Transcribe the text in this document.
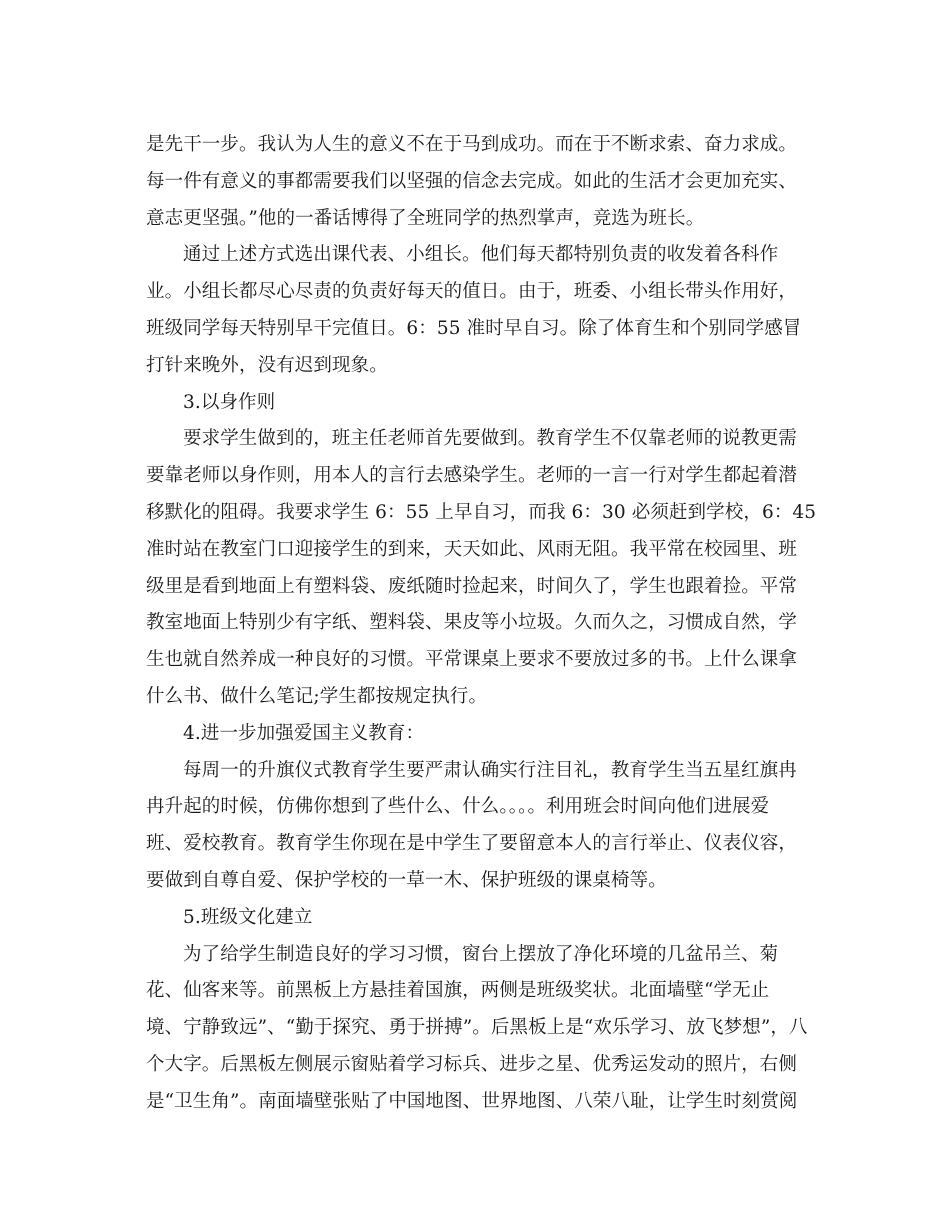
是先干一步。我认为人生的意义不在于马到成功。而在于不断求索、奋力求成。
每一件有意义的事都需要我们以坚强的信念去完成。如此的生活才会更加充实、
意志更坚强。”他的一番话博得了全班同学的热烈掌声，竞选为班长。
通过上述方式选出课代表、小组长。他们每天都特别负责的收发着各科作
业。小组长都尽心尽责的负责好每天的值日。由于，班委、小组长带头作用好，
班级同学每天特别早干完值日。6：55 准时早自习。除了体育生和个别同学感冒
打针来晚外，没有迟到现象。
3.以身作则
要求学生做到的，班主任老师首先要做到。教育学生不仅靠老师的说教更需
要靠老师以身作则，用本人的言行去感染学生。老师的一言一行对学生都起着潜
移默化的阻碍。我要求学生 6：55 上早自习，而我 6：30 必须赶到学校，6：45
准时站在教室门口迎接学生的到来，天天如此、风雨无阻。我平常在校园里、班
级里是看到地面上有塑料袋、废纸随时捡起来，时间久了，学生也跟着捡。平常
教室地面上特别少有字纸、塑料袋、果皮等小垃圾。久而久之，习惯成自然，学
生也就自然养成一种良好的习惯。平常课桌上要求不要放过多的书。上什么课拿
什么书、做什么笔记;学生都按规定执行。
4.进一步加强爱国主义教育：
每周一的升旗仪式教育学生要严肃认确实行注目礼，教育学生当五星红旗冉
冉升起的时候，仿佛你想到了些什么、什么。。。。利用班会时间向他们进展爱
班、爱校教育。教育学生你现在是中学生了要留意本人的言行举止、仪表仪容，
要做到自尊自爱、保护学校的一草一木、保护班级的课桌椅等。
5.班级文化建立
为了给学生制造良好的学习习惯，窗台上摆放了净化环境的几盆吊兰、菊
花、仙客来等。前黑板上方悬挂着国旗，两侧是班级奖状。北面墙壁“学无止
境、宁静致远”、“勤于探究、勇于拼搏”。后黑板上是“欢乐学习、放飞梦想”，八
个大字。后黑板左侧展示窗贴着学习标兵、进步之星、优秀运发动的照片，右侧
是“卫生角”。南面墙壁张贴了中国地图、世界地图、八荣八耻，让学生时刻赏阅
